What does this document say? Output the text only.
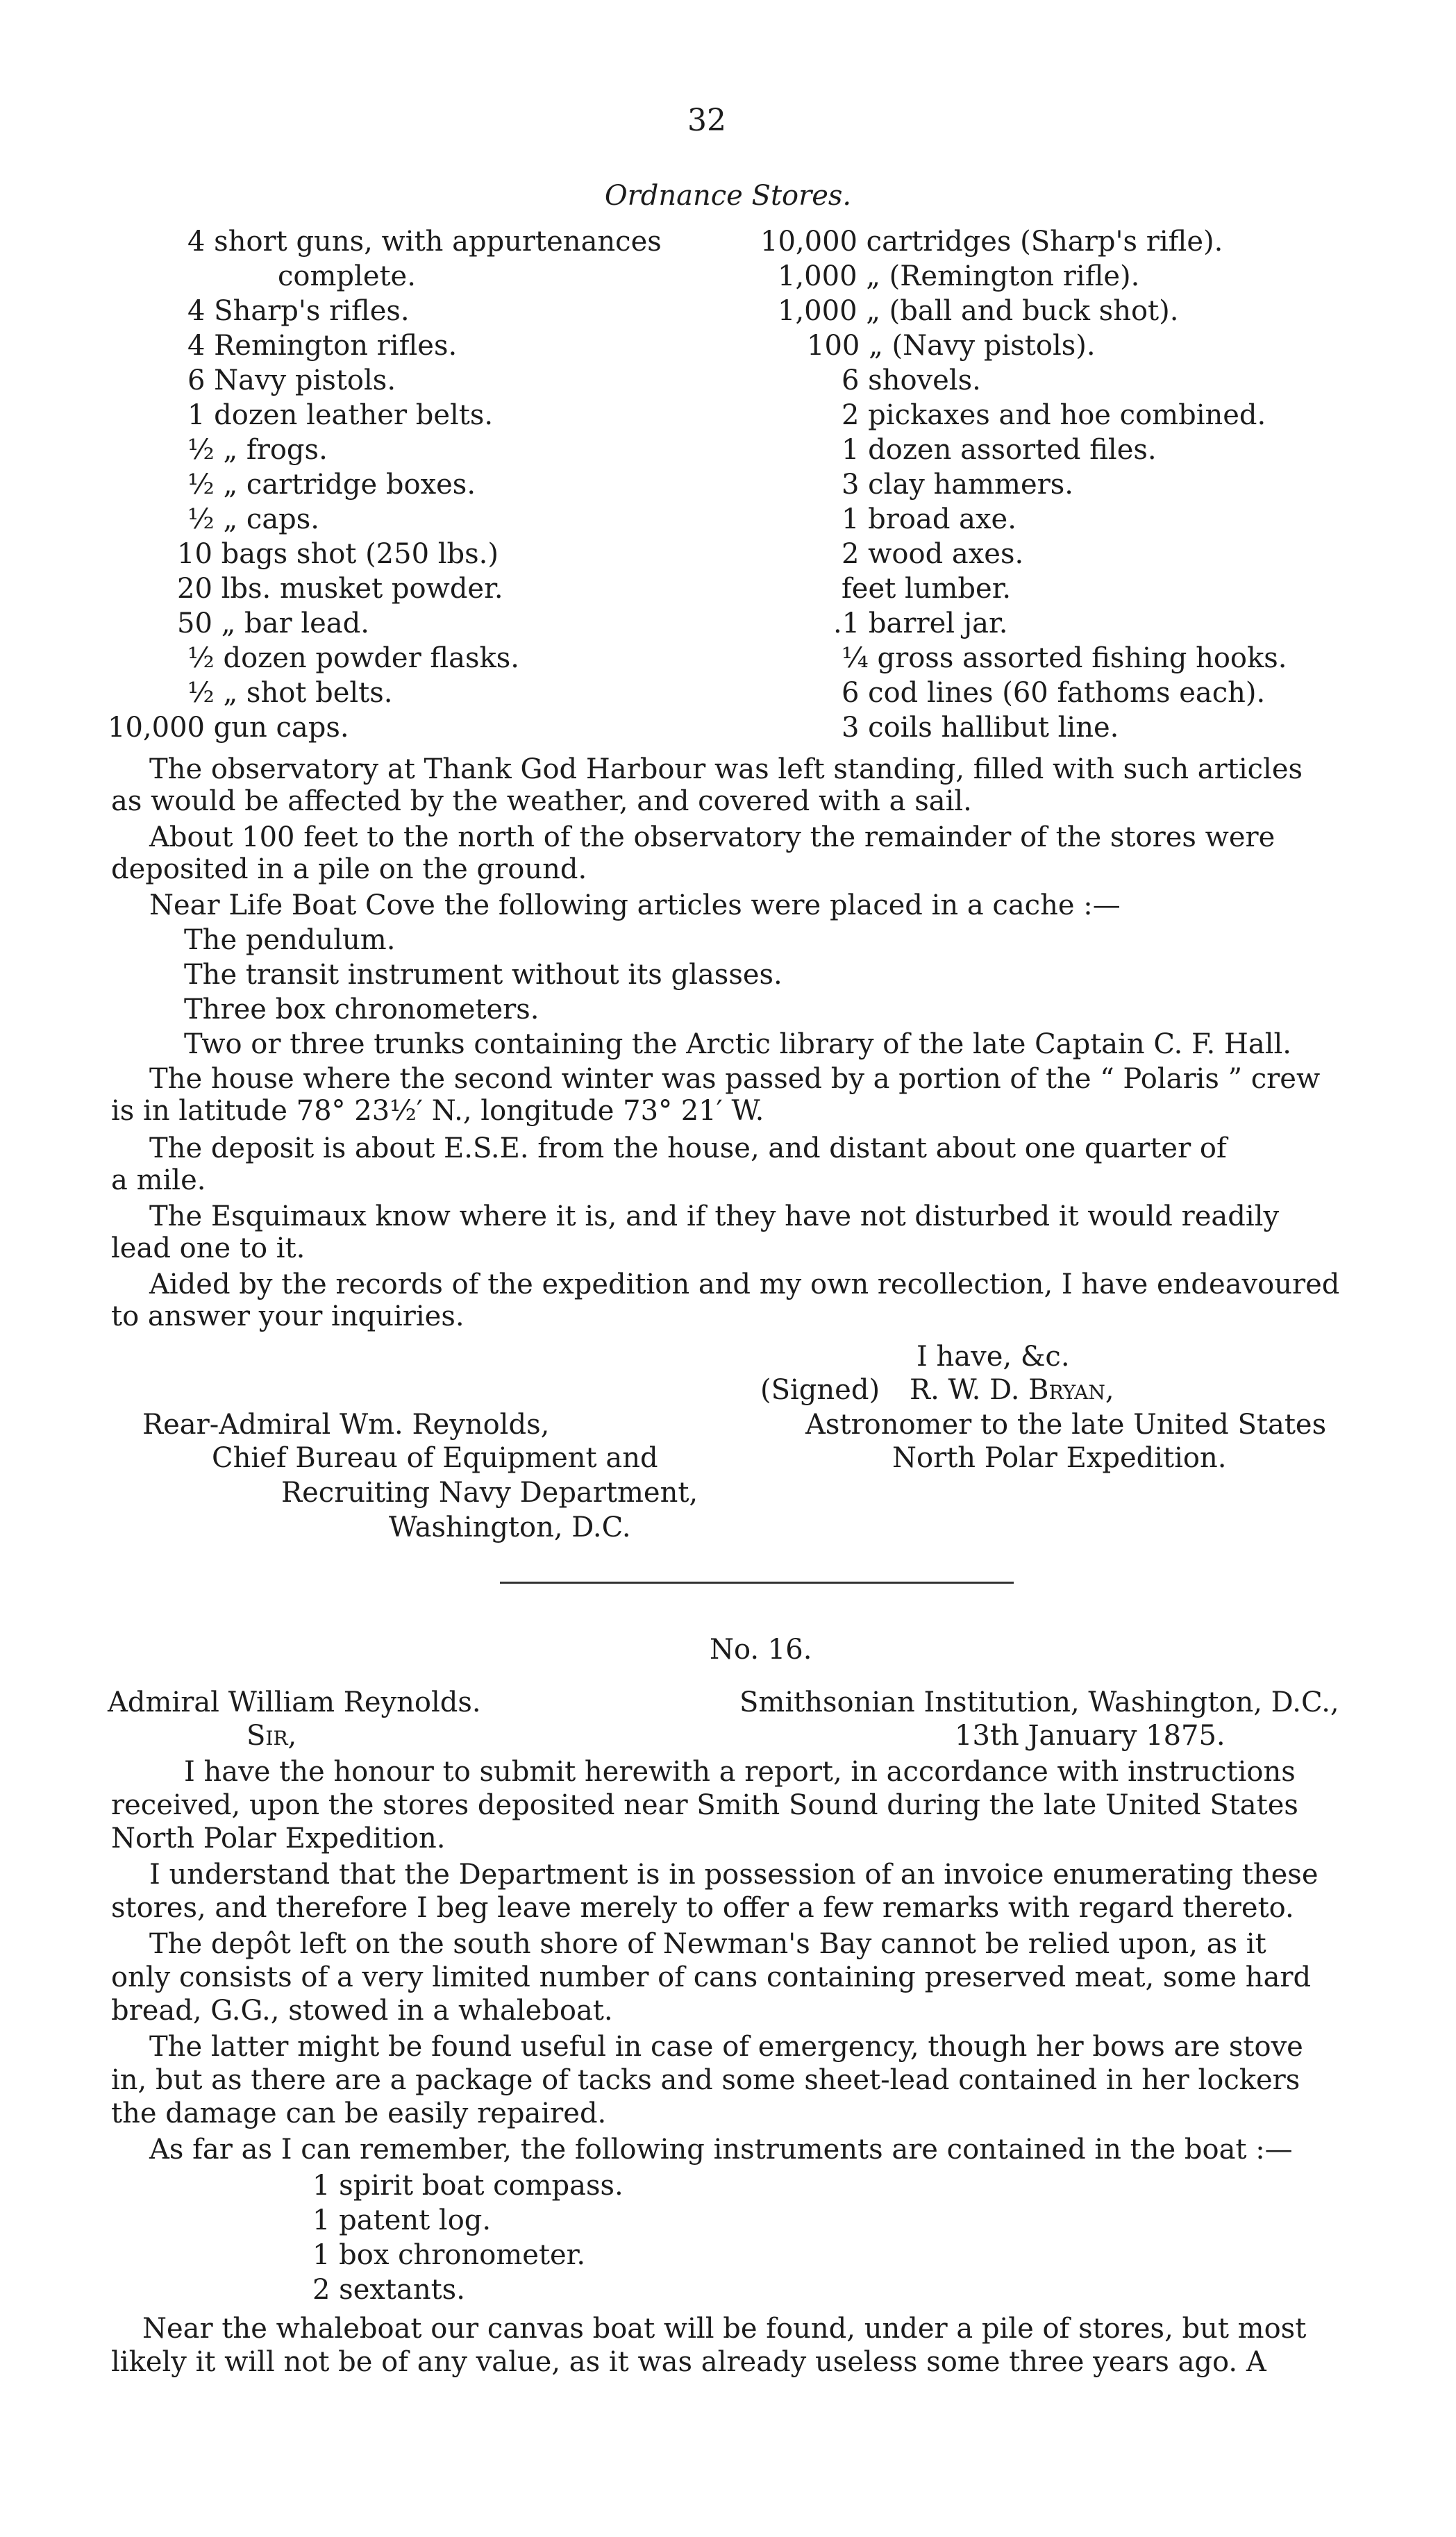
32
Ordnance Stores.
4 short guns, with appurtenances
complete.
4 Sharp's rifles.
4 Remington rifles.
6 Navy pistols.
1 dozen leather belts.
½ „ frogs.
½ „ cartridge boxes.
½ „ caps.
10 bags shot (250 lbs.)
20 lbs. musket powder.
50 „ bar lead.
½ dozen powder flasks.
½ „ shot belts.
10,000 gun caps.
10,000 cartridges (Sharp's rifle).
1,000 „ (Remington rifle).
1,000 „ (ball and buck shot).
100 „ (Navy pistols).
6 shovels.
2 pickaxes and hoe combined.
1 dozen assorted files.
3 clay hammers.
1 broad axe.
2 wood axes.
feet lumber.
.1 barrel jar.
¼ gross assorted fishing hooks.
6 cod lines (60 fathoms each).
3 coils hallibut line.
The observatory at Thank God Harbour was left standing, filled with such articles
as would be affected by the weather, and covered with a sail.
About 100 feet to the north of the observatory the remainder of the stores were
deposited in a pile on the ground.
Near Life Boat Cove the following articles were placed in a cache :—
The pendulum.
The transit instrument without its glasses.
Three box chronometers.
Two or three trunks containing the Arctic library of the late Captain C. F. Hall.
The house where the second winter was passed by a portion of the “ Polaris ” crew
is in latitude 78° 23½′ N., longitude 73° 21′ W.
The deposit is about E.S.E. from the house, and distant about one quarter of
a mile.
The Esquimaux know where it is, and if they have not disturbed it would readily
lead one to it.
Aided by the records of the expedition and my own recollection, I have endeavoured
to answer your inquiries.
I have, &c.
(Signed) R. W. D. Bryan,
Astronomer to the late United States
North Polar Expedition.
Rear-Admiral Wm. Reynolds,
Chief Bureau of Equipment and
Recruiting Navy Department,
Washington, D.C.
No. 16.
Admiral William Reynolds.	Smithsonian Institution, Washington, D.C.,
Sir,	13th January 1875.
I have the honour to submit herewith a report, in accordance with instructions
received, upon the stores deposited near Smith Sound during the late United States
North Polar Expedition.
I understand that the Department is in possession of an invoice enumerating these
stores, and therefore I beg leave merely to offer a few remarks with regard thereto.
The depôt left on the south shore of Newman's Bay cannot be relied upon, as it
only consists of a very limited number of cans containing preserved meat, some hard
bread, G.G., stowed in a whaleboat.
The latter might be found useful in case of emergency, though her bows are stove
in, but as there are a package of tacks and some sheet-lead contained in her lockers
the damage can be easily repaired.
As far as I can remember, the following instruments are contained in the boat :—
1 spirit boat compass.
1 patent log.
1 box chronometer.
2 sextants.
Near the whaleboat our canvas boat will be found, under a pile of stores, but most
likely it will not be of any value, as it was already useless some three years ago. A
